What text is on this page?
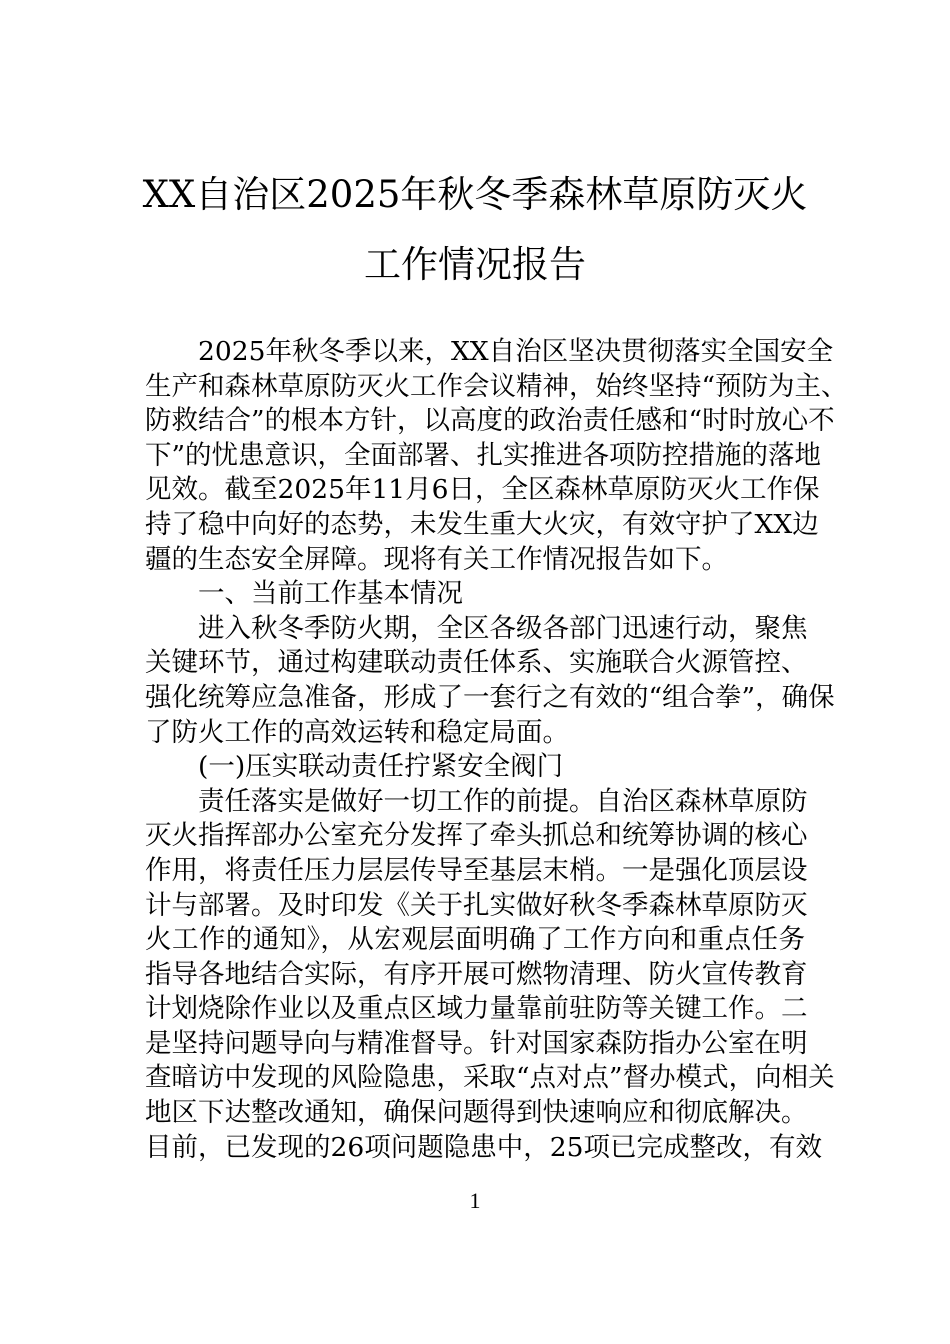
XX自治区2025年秋冬季森林草原防灭火
工作情况报告
2025年秋冬季以来，XX自治区坚决贯彻落实全国安全
生产和森林草原防灭火工作会议精神，始终坚持“预防为主、
防救结合”的根本方针，以高度的政治责任感和“时时放心不
下”的忧患意识，全面部署、扎实推进各项防控措施的落地
见效。截至2025年11月6日，全区森林草原防灭火工作保
持了稳中向好的态势，未发生重大火灾，有效守护了XX边
疆的生态安全屏障。现将有关工作情况报告如下。
一、当前工作基本情况
进入秋冬季防火期，全区各级各部门迅速行动，聚焦
关键环节，通过构建联动责任体系、实施联合火源管控、
强化统筹应急准备，形成了一套行之有效的“组合拳”，确保
了防火工作的高效运转和稳定局面。
(一)压实联动责任拧紧安全阀门
责任落实是做好一切工作的前提。自治区森林草原防
灭火指挥部办公室充分发挥了牵头抓总和统筹协调的核心
作用，将责任压力层层传导至基层末梢。一是强化顶层设
计与部署。及时印发《关于扎实做好秋冬季森林草原防灭
火工作的通知》，从宏观层面明确了工作方向和重点任务
指导各地结合实际，有序开展可燃物清理、防火宣传教育
计划烧除作业以及重点区域力量靠前驻防等关键工作。二
是坚持问题导向与精准督导。针对国家森防指办公室在明
查暗访中发现的风险隐患，采取“点对点”督办模式，向相关
地区下达整改通知，确保问题得到快速响应和彻底解决。
目前，已发现的26项问题隐患中，25项已完成整改，有效
1
